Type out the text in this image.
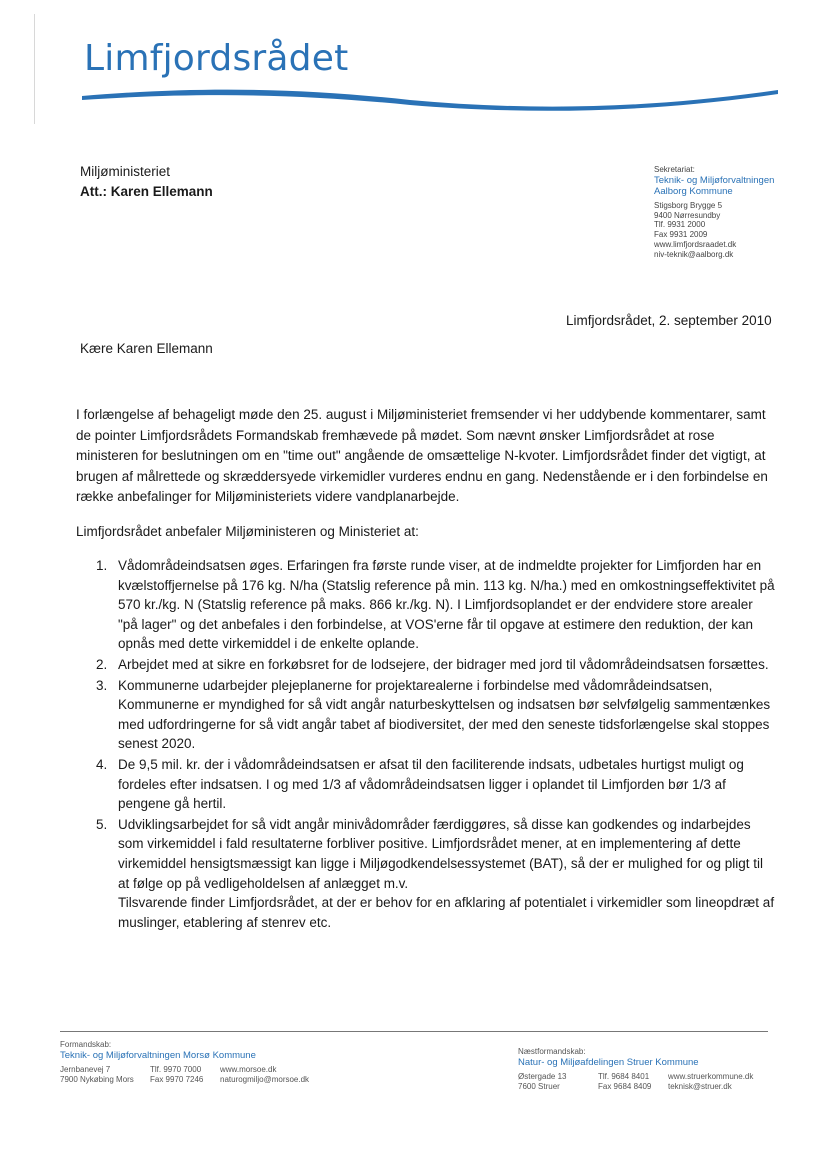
Limfjordsrådet
Miljøministeriet
Att.: Karen Ellemann
Sekretariat:
Teknik- og Miljøforvaltningen
Aalborg Kommune
Stigsborg Brygge 5
9400 Nørresundby
Tlf. 9931 2000
Fax 9931 2009
www.limfjordsraadet.dk
niv-teknik@aalborg.dk
Limfjordsrådet, 2. september 2010
Kære Karen Ellemann
I forlængelse af behageligt møde den 25. august i Miljøministeriet fremsender vi her uddybende kommentarer, samt de pointer Limfjordsrådets Formandskab fremhævede på mødet. Som nævnt ønsker Limfjordsrådet at rose ministeren for beslutningen om en "time out" angående de omsættelige N-kvoter. Limfjordsrådet finder det vigtigt, at brugen af målrettede og skræddersyede virkemidler vurderes endnu en gang. Nedenstående er i den forbindelse en række anbefalinger for Miljøministeriets videre vandplanarbejde.
Limfjordsrådet anbefaler Miljøministeren og Ministeriet at:
1. Vådområdeindsatsen øges. Erfaringen fra første runde viser, at de indmeldte projekter for Limfjorden har en kvælstoffjernelse på 176 kg. N/ha (Statslig reference på min. 113 kg. N/ha.) med en omkostningseffektivitet på 570 kr./kg. N (Statslig reference på maks. 866 kr./kg. N). I Limfjordsoplandet er der endvidere store arealer "på lager" og det anbefales i den forbindelse, at VOS'erne får til opgave at estimere den reduktion, der kan opnås med dette virkemiddel i de enkelte oplande.
2. Arbejdet med at sikre en forkøbsret for de lodsejere, der bidrager med jord til vådområdeindsatsen forsættes.
3. Kommunerne udarbejder plejeplanerne for projektarealerne i forbindelse med vådområdeindsatsen, Kommunerne er myndighed for så vidt angår naturbeskyttelsen og indsatsen bør selvfølgelig sammentænkes med udfordringerne for så vidt angår tabet af biodiversitet, der med den seneste tidsforlængelse skal stoppes senest 2020.
4. De 9,5 mil. kr. der i vådområdeindsatsen er afsat til den faciliterende indsats, udbetales hurtigst muligt og fordeles efter indsatsen. I og med 1/3 af vådområdeindsatsen ligger i oplandet til Limfjorden bør 1/3 af pengene gå hertil.
5. Udviklingsarbejdet for så vidt angår minivådområder færdiggøres, så disse kan godkendes og indarbejdes som virkemiddel i fald resultaterne forbliver positive. Limfjordsrådet mener, at en implementering af dette virkemiddel hensigtsmæssigt kan ligge i Miljøgodkendelsessystemet (BAT), så der er mulighed for og pligt til at følge op på vedligeholdelsen af anlægget m.v.
Tilsvarende finder Limfjordsrådet, at der er behov for en afklaring af potentialet i virkemidler som lineopdræt af muslinger, etablering af stenrev etc.
Formandskab:
Teknik- og Miljøforvaltningen Morsø Kommune
Jernbanevej 7	Tlf. 9970 7000	www.morsoe.dk
7900 Nykøbing Mors	Fax 9970 7246	naturogmiljo@morsoe.dk
Næstformandskab:
Natur- og Miljøafdelingen Struer Kommune
Østergade 13	Tlf. 9684 8401	www.struerkommune.dk
7600 Struer	Fax 9684 8409	teknisk@struer.dk
